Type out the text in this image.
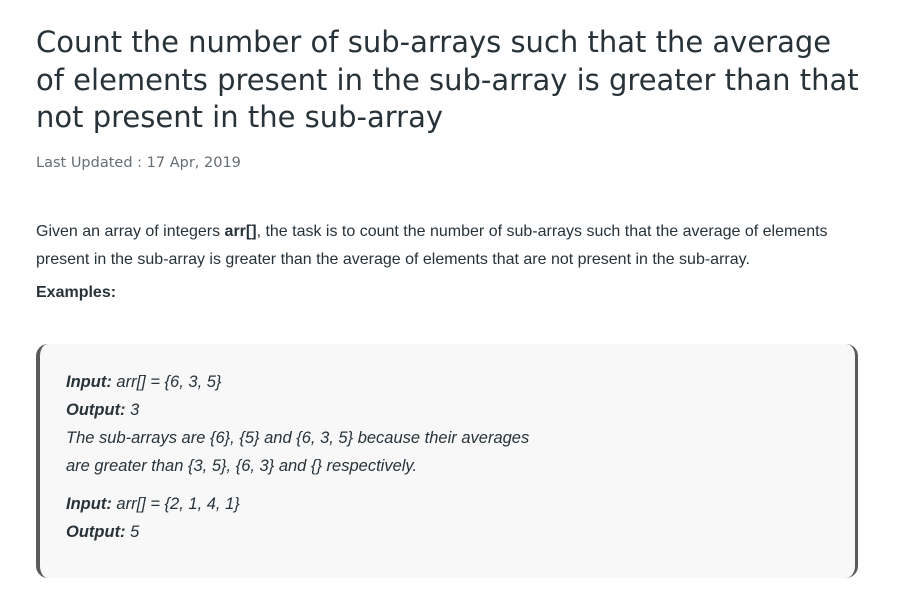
Count the number of sub-arrays such that the average of elements present in the sub-array is greater than that not present in the sub-array
Last Updated : 17 Apr, 2019

Given an array of integers arr[], the task is to count the number of sub-arrays such that the average of elements present in the sub-array is greater than the average of elements that are not present in the sub-array.

Examples:
Input: arr[] = {6, 3, 5}
Output: 3
The sub-arrays are {6}, {5} and {6, 3, 5} because their averages
are greater than {3, 5}, {6, 3} and {} respectively.
Input: arr[] = {2, 1, 4, 1}
Output: 5
